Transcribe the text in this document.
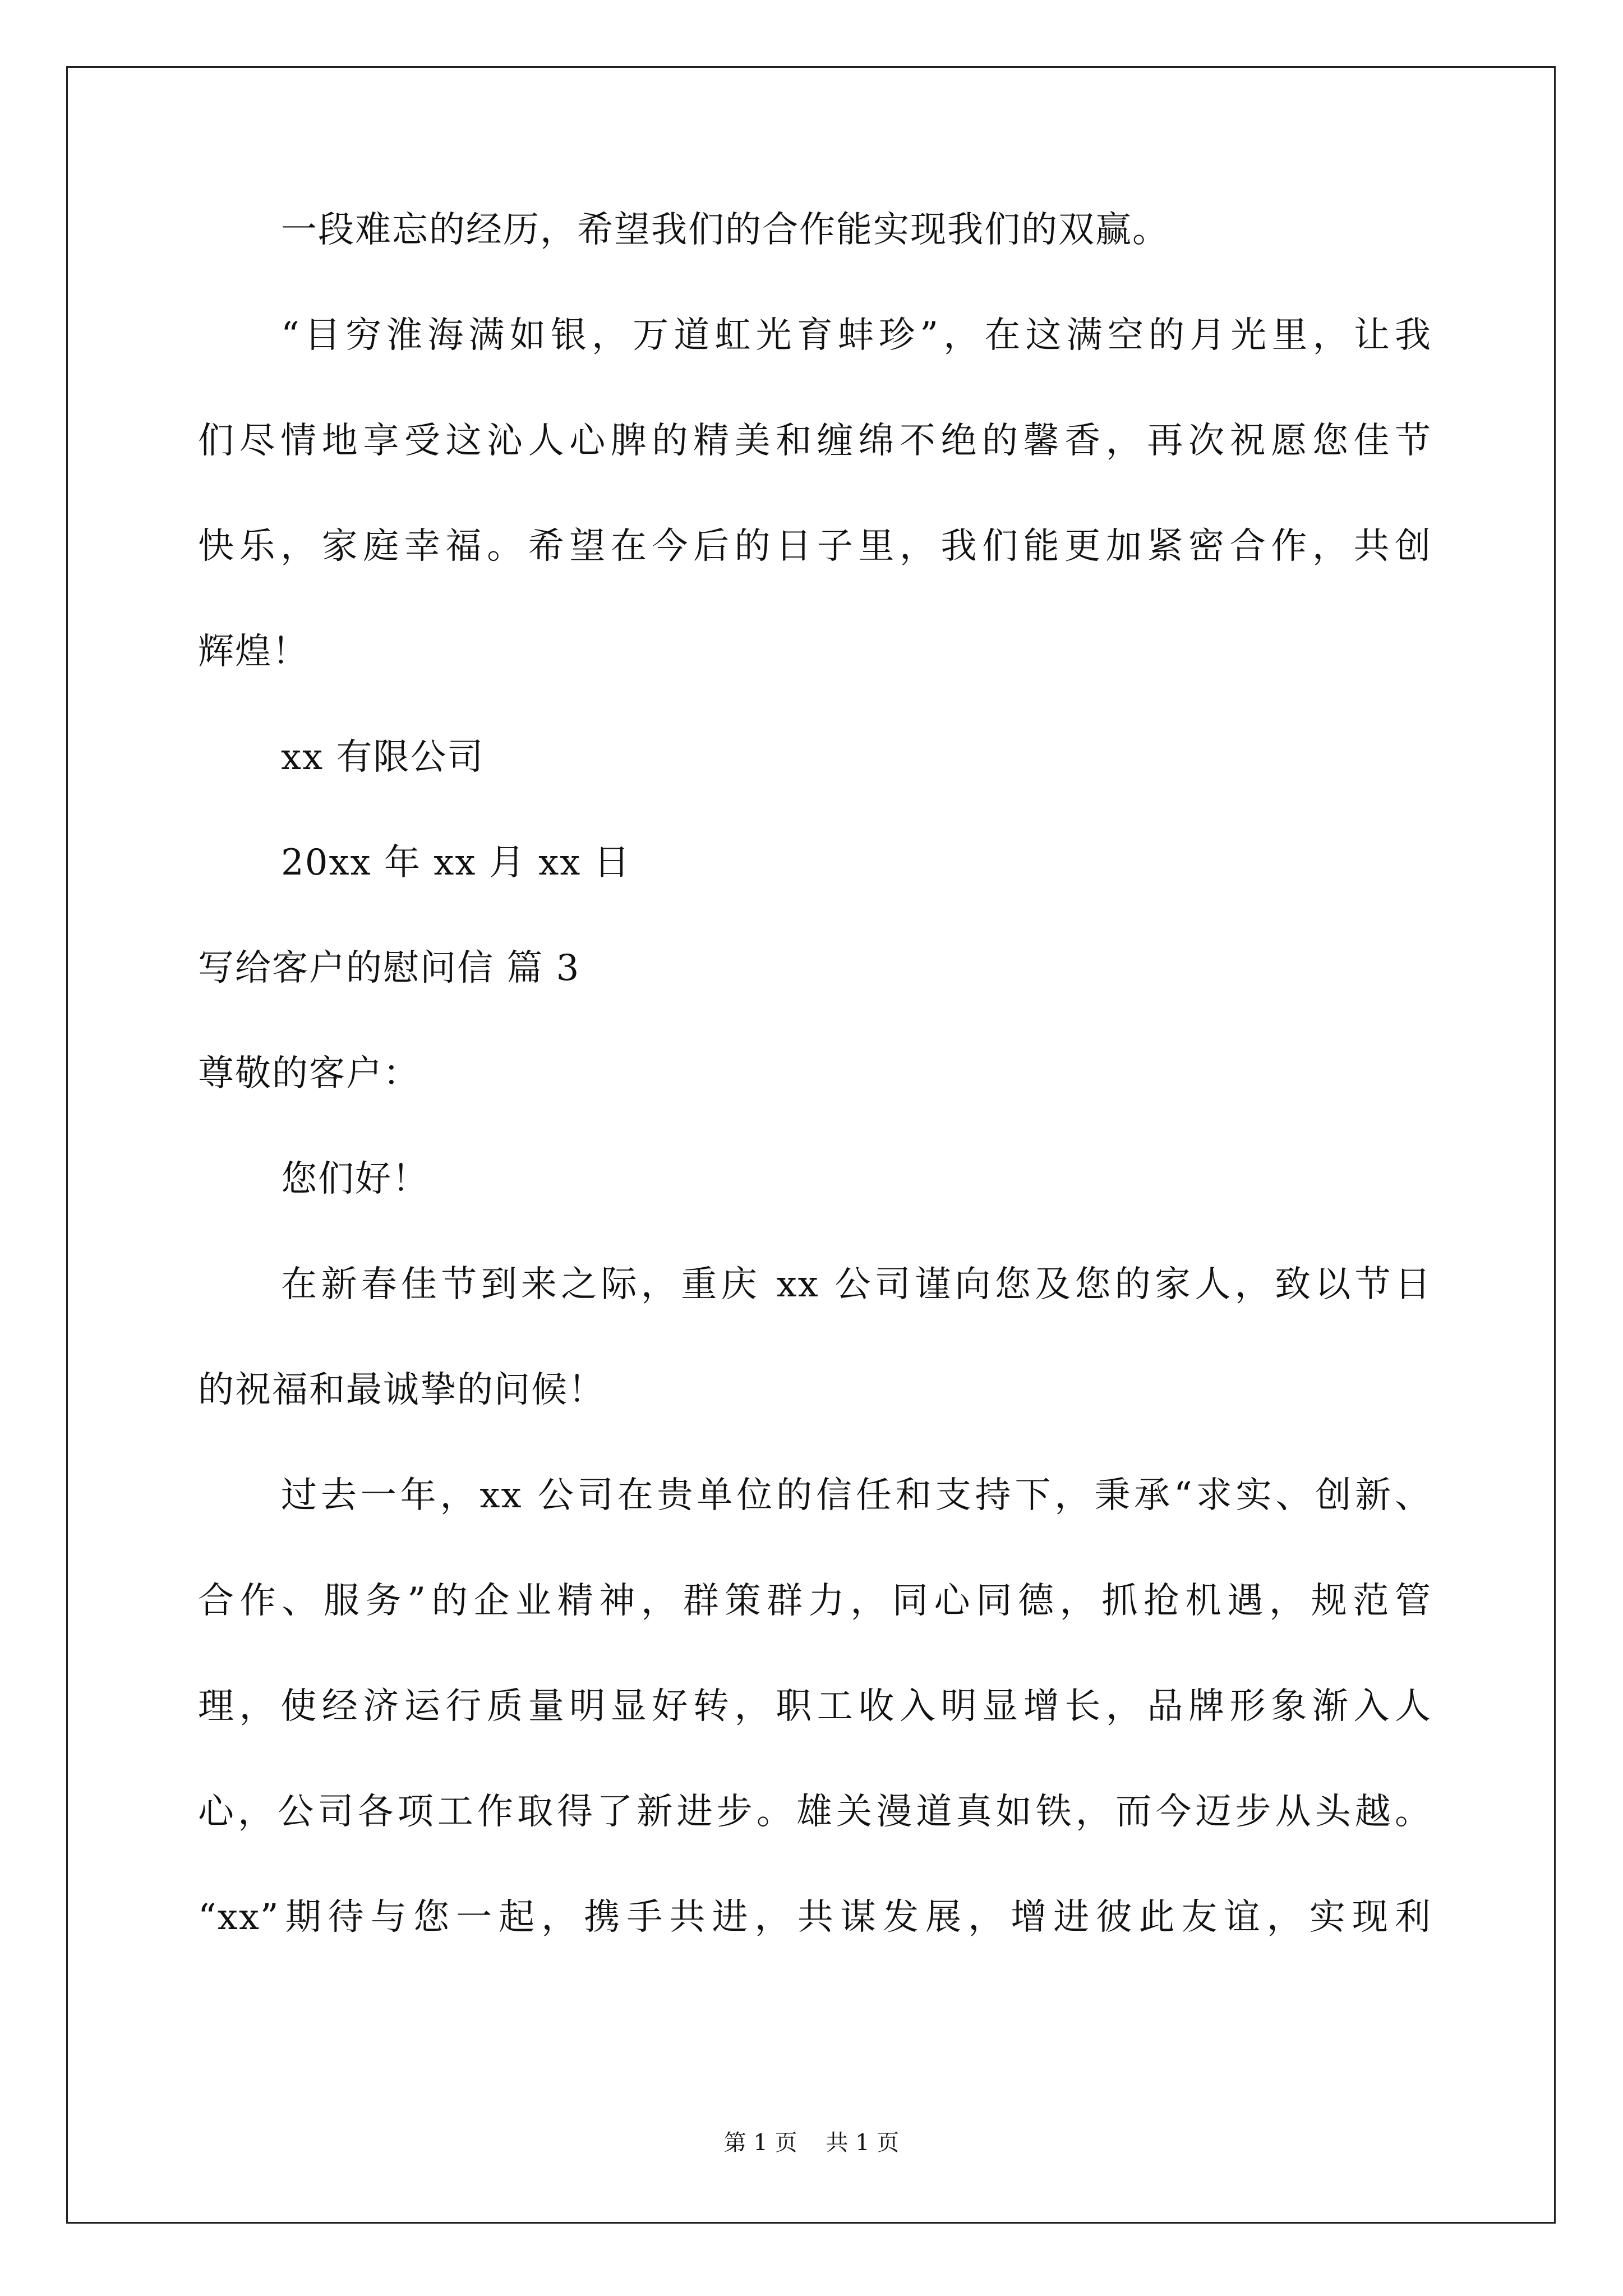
一段难忘的经历，希望我们的合作能实现我们的双赢。
“目穷淮海满如银，万道虹光育蚌珍”，在这满空的月光里，让我
们尽情地享受这沁人心脾的精美和缠绵不绝的馨香，再次祝愿您佳节
快乐，家庭幸福。希望在今后的日子里，我们能更加紧密合作，共创
辉煌！
xx 有限公司
20xx 年 xx 月 xx 日
写给客户的慰问信 篇 3
尊敬的客户：
您们好！
在新春佳节到来之际，重庆 xx 公司谨向您及您的家人，致以节日
的祝福和最诚挚的问候！
过去一年，xx 公司在贵单位的信任和支持下，秉承“求实、创新、
合作、服务”的企业精神，群策群力，同心同德，抓抢机遇，规范管
理，使经济运行质量明显好转，职工收入明显增长，品牌形象渐入人
心，公司各项工作取得了新进步。雄关漫道真如铁，而今迈步从头越。
“xx”期待与您一起，携手共进，共谋发展，增进彼此友谊，实现利
第 1 页    共 1 页
